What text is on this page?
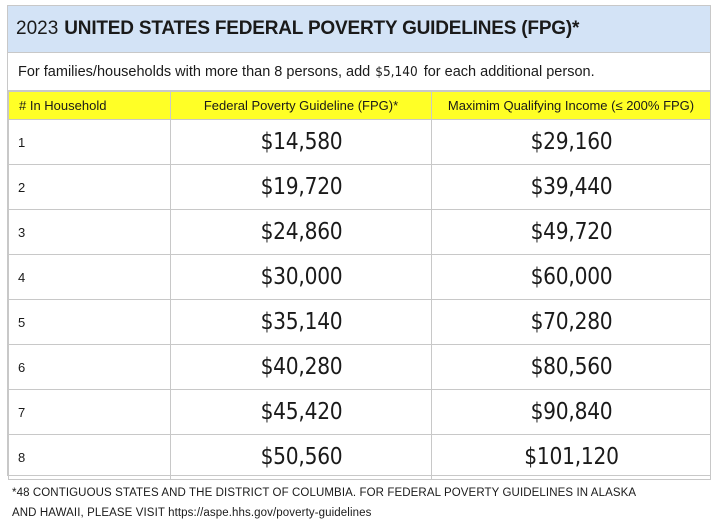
2023 UNITED STATES FEDERAL POVERTY GUIDELINES (FPG)*
For families/households with more than 8 persons, add $5,140 for each additional person.
# In Household	Federal Poverty Guideline (FPG)*	Maximim Qualifying Income (≤ 200% FPG)
1	$14,580	$29,160
2	$19,720	$39,440
3	$24,860	$49,720
4	$30,000	$60,000
5	$35,140	$70,280
6	$40,280	$80,560
7	$45,420	$90,840
8	$50,560	$101,120
*48 CONTIGUOUS STATES AND THE DISTRICT OF COLUMBIA. FOR FEDERAL POVERTY GUIDELINES IN ALASKA
AND HAWAII, PLEASE VISIT https://aspe.hhs.gov/poverty-guidelines
